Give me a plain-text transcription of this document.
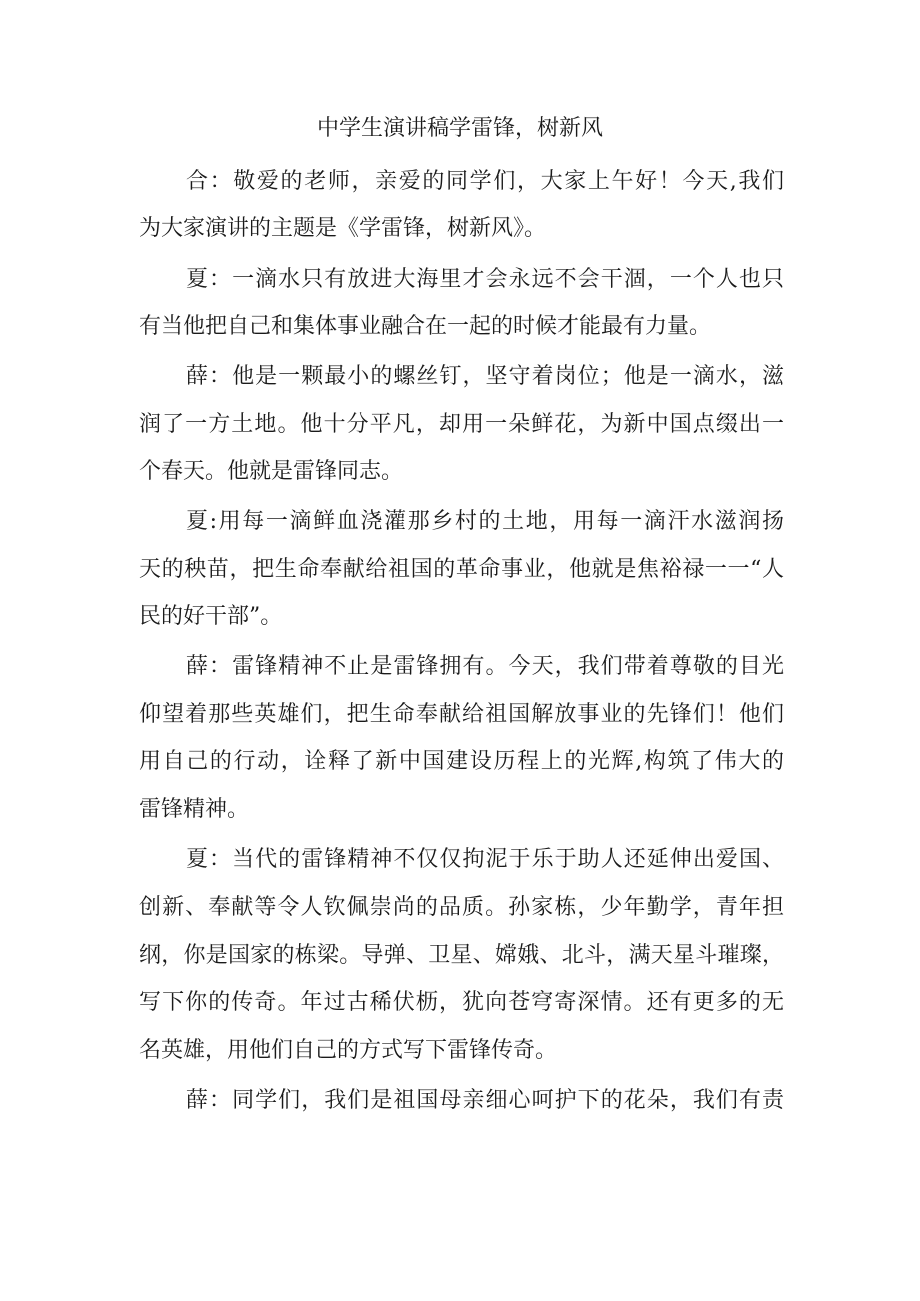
中学生演讲稿学雷锋，树新风
合：敬爱的老师，亲爱的同学们，大家上午好！今天,我们
为大家演讲的主题是《学雷锋，树新风》。
夏：一滴水只有放进大海里才会永远不会干涸，一个人也只
有当他把自己和集体事业融合在一起的时候才能最有力量。
薛：他是一颗最小的螺丝钉，坚守着岗位；他是一滴水，滋
润了一方土地。他十分平凡，却用一朵鲜花，为新中国点缀出一
个春天。他就是雷锋同志。
夏:用每一滴鲜血浇灌那乡村的土地，用每一滴汗水滋润扬
天的秧苗，把生命奉献给祖国的革命事业，他就是焦裕禄一一“人
民的好干部”。
薛：雷锋精神不止是雷锋拥有。今天，我们带着尊敬的目光
仰望着那些英雄们，把生命奉献给祖国解放事业的先锋们！他们
用自己的行动，诠释了新中国建设历程上的光辉,构筑了伟大的
雷锋精神。
夏：当代的雷锋精神不仅仅拘泥于乐于助人还延伸出爱国、
创新、奉献等令人钦佩崇尚的品质。孙家栋，少年勤学，青年担
纲，你是国家的栋梁。导弹、卫星、嫦娥、北斗，满天星斗璀璨，
写下你的传奇。年过古稀伏枥，犹向苍穹寄深情。还有更多的无
名英雄，用他们自己的方式写下雷锋传奇。
薛：同学们，我们是祖国母亲细心呵护下的花朵，我们有责
